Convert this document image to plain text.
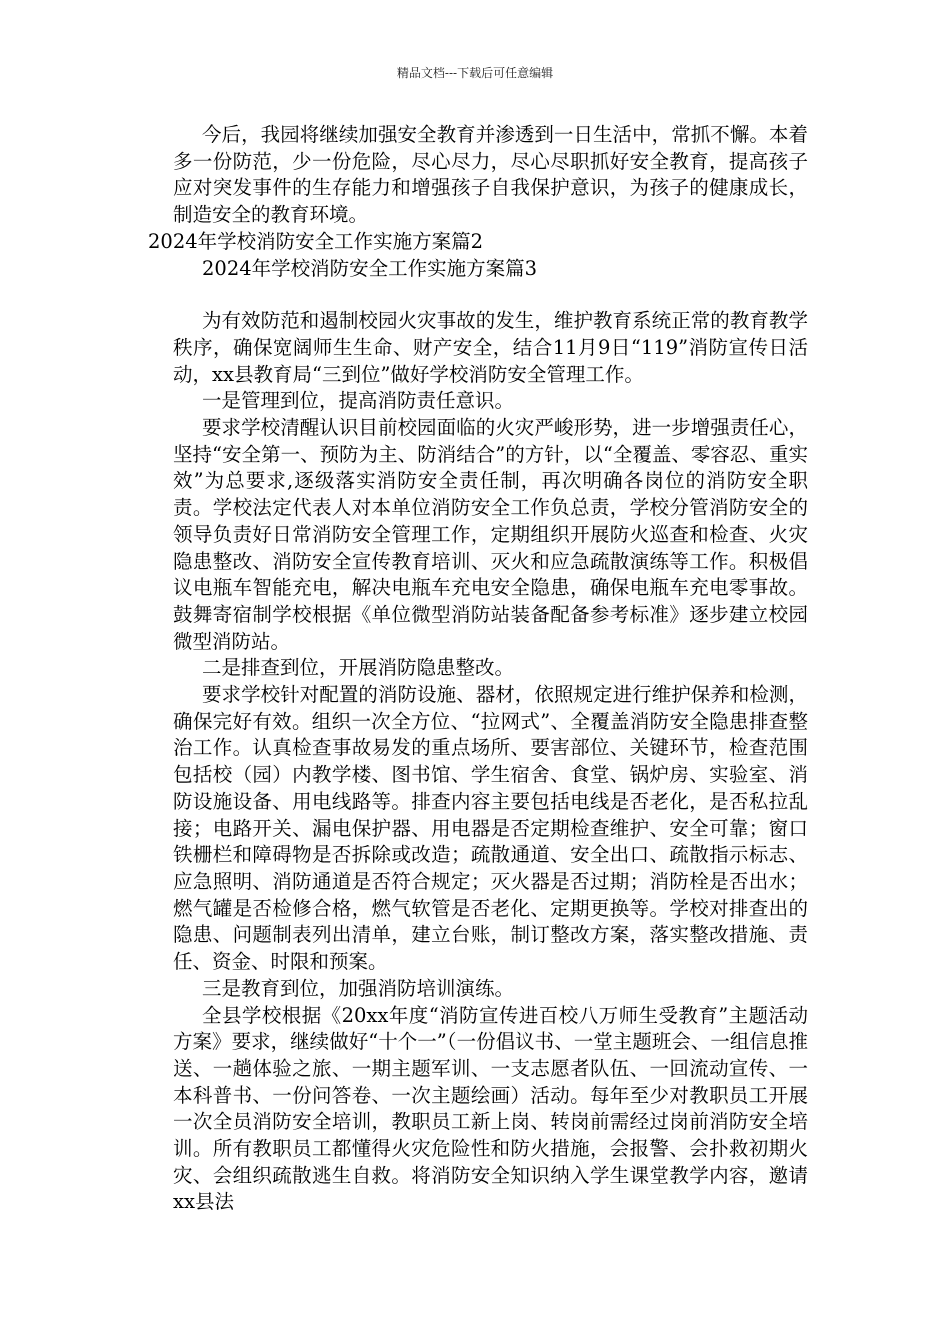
精品文档---下载后可任意编辑

今后，我园将继续加强安全教育并渗透到一日生活中，常抓不懈。本着多一份防范，少一份危险，尽心尽力，尽心尽职抓好安全教育，提高孩子应对突发事件的生存能力和增强孩子自我保护意识，为孩子的健康成长，制造安全的教育环境。

2024年学校消防安全工作实施方案篇2

2024年学校消防安全工作实施方案篇3

为有效防范和遏制校园火灾事故的发生，维护教育系统正常的教育教学秩序，确保宽阔师生生命、财产安全，结合11月9日“119”消防宣传日活动，xx县教育局“三到位”做好学校消防安全管理工作。

一是管理到位，提高消防责任意识。

要求学校清醒认识目前校园面临的火灾严峻形势，进一步增强责任心，坚持“安全第一、预防为主、防消结合”的方针，以“全覆盖、零容忍、重实效”为总要求,逐级落实消防安全责任制，再次明确各岗位的消防安全职责。学校法定代表人对本单位消防安全工作负总责，学校分管消防安全的领导负责好日常消防安全管理工作，定期组织开展防火巡查和检查、火灾隐患整改、消防安全宣传教育培训、灭火和应急疏散演练等工作。积极倡议电瓶车智能充电，解决电瓶车充电安全隐患，确保电瓶车充电零事故。鼓舞寄宿制学校根据《单位微型消防站装备配备参考标准》逐步建立校园微型消防站。

二是排查到位，开展消防隐患整改。

要求学校针对配置的消防设施、器材，依照规定进行维护保养和检测，确保完好有效。组织一次全方位、“拉网式”、全覆盖消防安全隐患排查整治工作。认真检查事故易发的重点场所、要害部位、关键环节，检查范围包括校（园）内教学楼、图书馆、学生宿舍、食堂、锅炉房、实验室、消防设施设备、用电线路等。排查内容主要包括电线是否老化，是否私拉乱接；电路开关、漏电保护器、用电器是否定期检查维护、安全可靠；窗口铁栅栏和障碍物是否拆除或改造；疏散通道、安全出口、疏散指示标志、应急照明、消防通道是否符合规定；灭火器是否过期；消防栓是否出水；燃气罐是否检修合格，燃气软管是否老化、定期更换等。学校对排查出的隐患、问题制表列出清单，建立台账，制订整改方案，落实整改措施、责任、资金、时限和预案。

三是教育到位，加强消防培训演练。

全县学校根据《20xx年度“消防宣传进百校八万师生受教育”主题活动方案》要求，继续做好“十个一”（一份倡议书、一堂主题班会、一组信息推送、一趟体验之旅、一期主题军训、一支志愿者队伍、一回流动宣传、一本科普书、一份问答卷、一次主题绘画）活动。每年至少对教职员工开展一次全员消防安全培训，教职员工新上岗、转岗前需经过岗前消防安全培训。所有教职员工都懂得火灾危险性和防火措施，会报警、会扑救初期火灾、会组织疏散逃生自救。将消防安全知识纳入学生课堂教学内容，邀请xx县法
